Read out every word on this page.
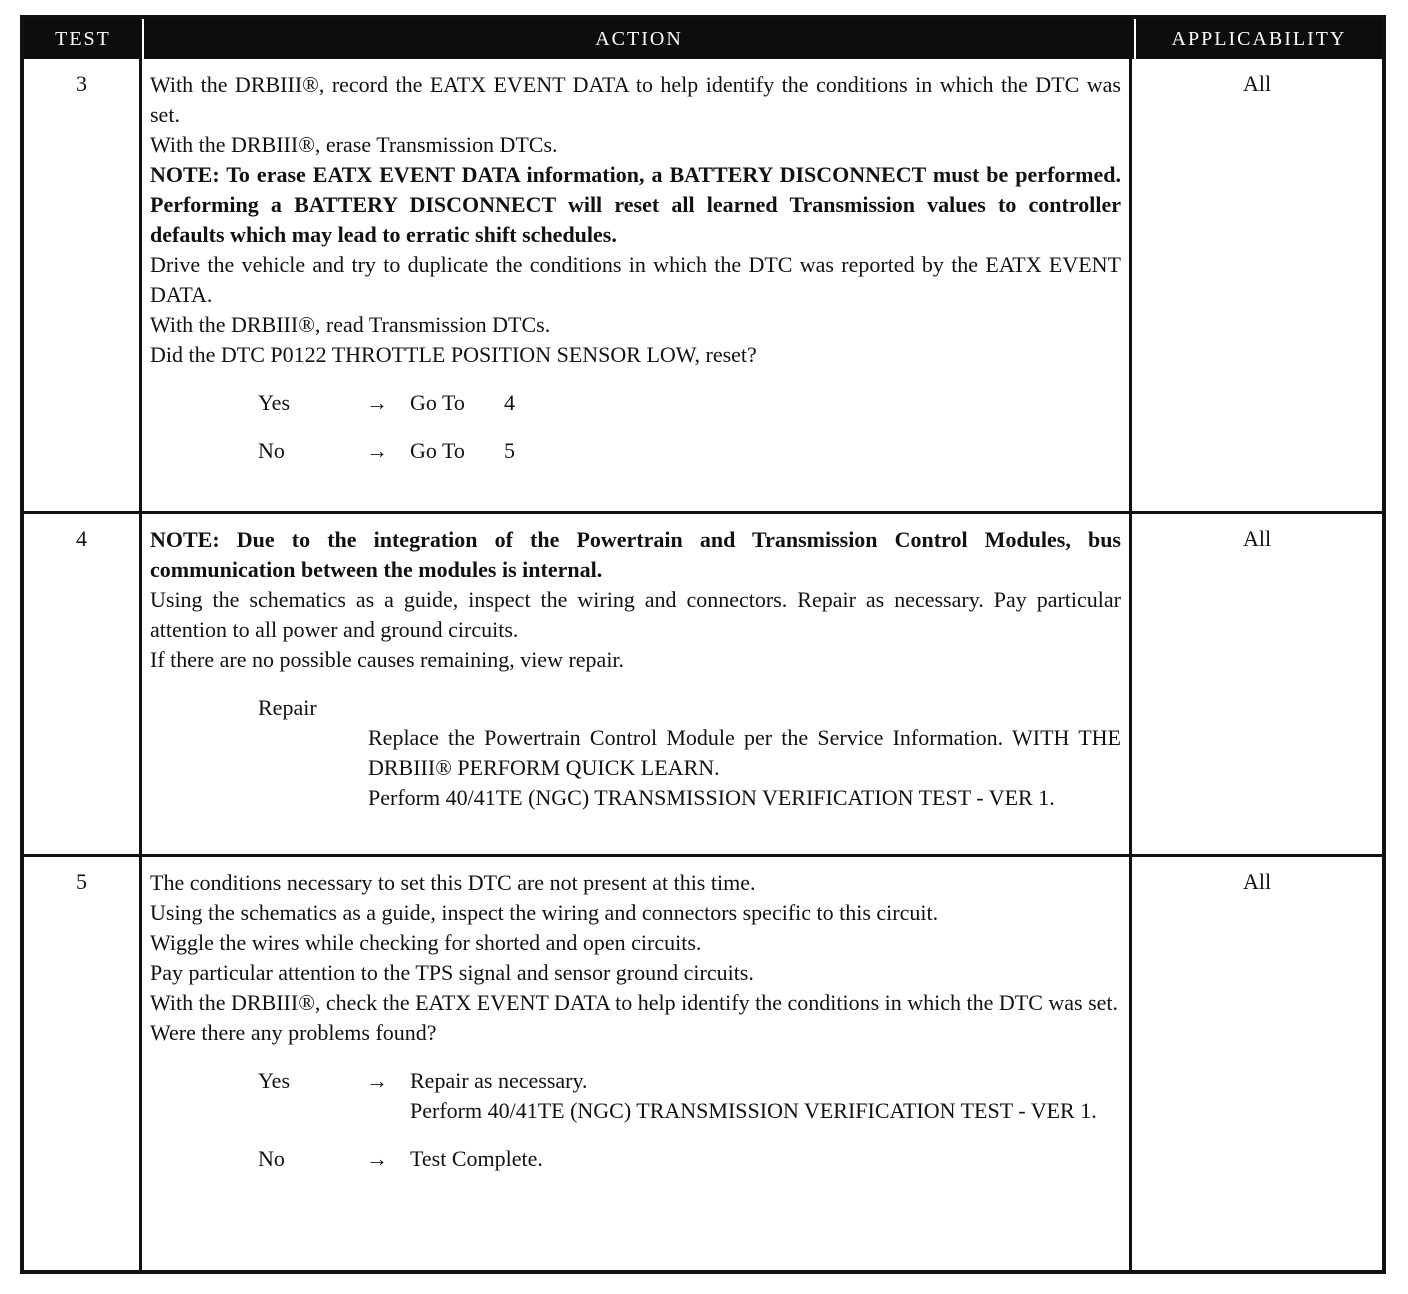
TEST	ACTION	APPLICABILITY
3	With the DRBIII®, record the EATX EVENT DATA to help identify the conditions in which the DTC was set.
With the DRBIII®, erase Transmission DTCs.
NOTE: To erase EATX EVENT DATA information, a BATTERY DISCONNECT must be performed. Performing a BATTERY DISCONNECT will reset all learned Transmission values to controller defaults which may lead to erratic shift schedules.
Drive the vehicle and try to duplicate the conditions in which the DTC was reported by the EATX EVENT DATA.
With the DRBIII®, read Transmission DTCs.
Did the DTC P0122 THROTTLE POSITION SENSOR LOW, reset?
Yes	→	Go To	4
No	→	Go To	5
All
4	NOTE: Due to the integration of the Powertrain and Transmission Control Modules, bus communication between the modules is internal.
Using the schematics as a guide, inspect the wiring and connectors. Repair as necessary. Pay particular attention to all power and ground circuits.
If there are no possible causes remaining, view repair.
Repair
Replace the Powertrain Control Module per the Service Information. WITH THE DRBIII® PERFORM QUICK LEARN.
Perform 40/41TE (NGC) TRANSMISSION VERIFICATION TEST - VER 1.
All
5	The conditions necessary to set this DTC are not present at this time.
Using the schematics as a guide, inspect the wiring and connectors specific to this circuit.
Wiggle the wires while checking for shorted and open circuits.
Pay particular attention to the TPS signal and sensor ground circuits.
With the DRBIII®, check the EATX EVENT DATA to help identify the conditions in which the DTC was set.
Were there any problems found?
Yes	→	Repair as necessary.
Perform 40/41TE (NGC) TRANSMISSION VERIFICATION TEST - VER 1.
No	→	Test Complete.
All
